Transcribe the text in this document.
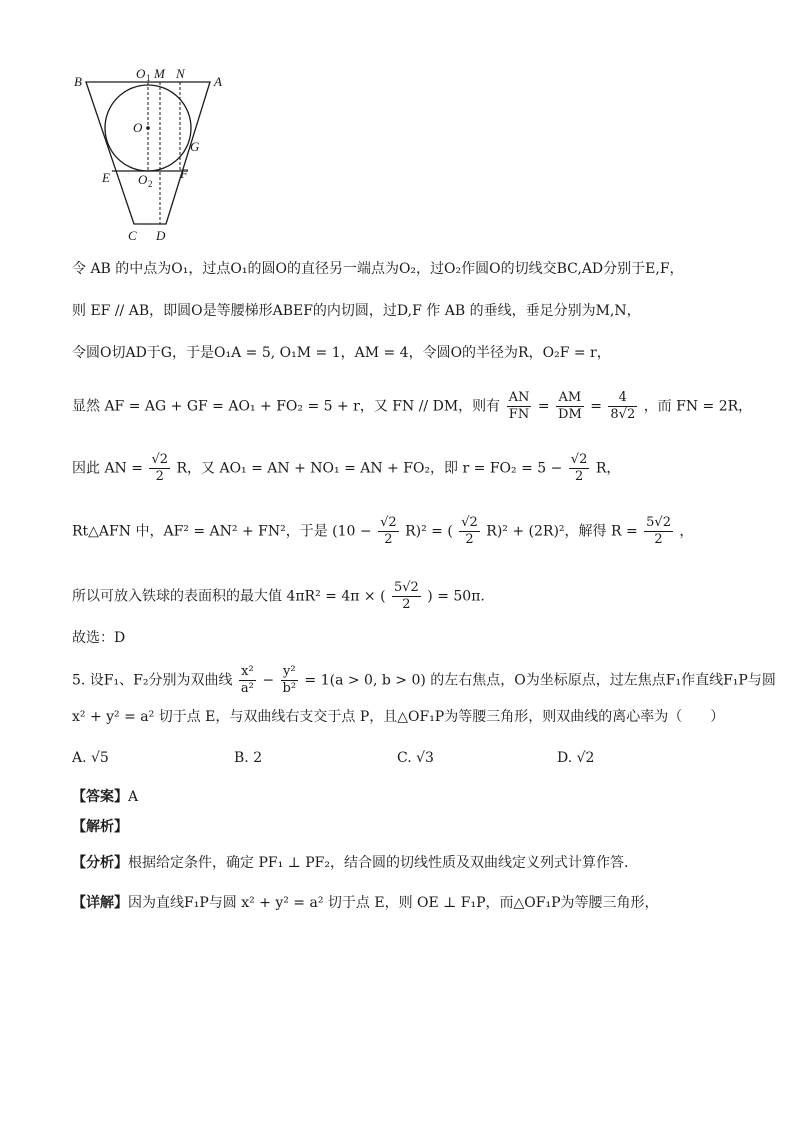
B
O 1 M N
A
O
G
E O 2
F
C D
令 AB 的中点为O₁，过点O₁的圆O的直径另一端点为O₂，过O₂作圆O的切线交BC,AD分别于E,F，
则 EF // AB，即圆O是等腰梯形ABEF的内切圆，过D,F 作 AB 的垂线，垂足分别为M,N，
令圆O切AD于G，于是O₁A = 5, O₁M = 1，AM = 4，令圆O的半径为R，O₂F = r，
显然 AF = AG + GF = AO₁ + FO₂ = 5 + r，又 FN // DM，则有 $\frac{AN}{FN} = \frac{AM}{DM} = \frac{4}{8√2}$ ，而 FN = 2R，
因此 AN = $\frac{√2}{2}$ R，又 AO₁ = AN + NO₁ = AN + FO₂，即 $r = FO_2 = 5 - \frac{√2}{2}$ R，
Rt△AFN 中，AF² = AN² + FN²，于是 $(10 - \frac{√2}{2} R)^2$ = ( $\frac{√2}{2} R)^2 + (2R)^2$，解得 $R = \frac{5√2}{2}$ ，
所以可放入铁球的表面积的最大值 4πR² = 4π × ( $\frac{5√2}{2}$ ) = 50π.
故选：D
5. 设F₁、F₂分别为双曲线 $\frac{\text{x²}}{\text{a²}} - \frac{\text{y²}}{\text{b²}} = 1(a > 0$, b > 0) 的左右焦点，O为坐标原点，过左焦点F₁作直线F₁P与圆
x² + y² = a² 切于点 E，与双曲线右支交于点 P，且△OF₁P为等腰三角形，则双曲线的离心率为（　　）
A. √5	B. 2	C. √3	D. √2
【答案】A
【解析】
【分析】根据给定条件，确定 PF₁ ⊥ PF₂，结合圆的切线性质及双曲线定义列式计算作答.
【详解】因为直线F₁P与圆 x² + y² = a² 切于点 E，则 OE ⊥ F₁P，而△OF₁P为等腰三角形，
